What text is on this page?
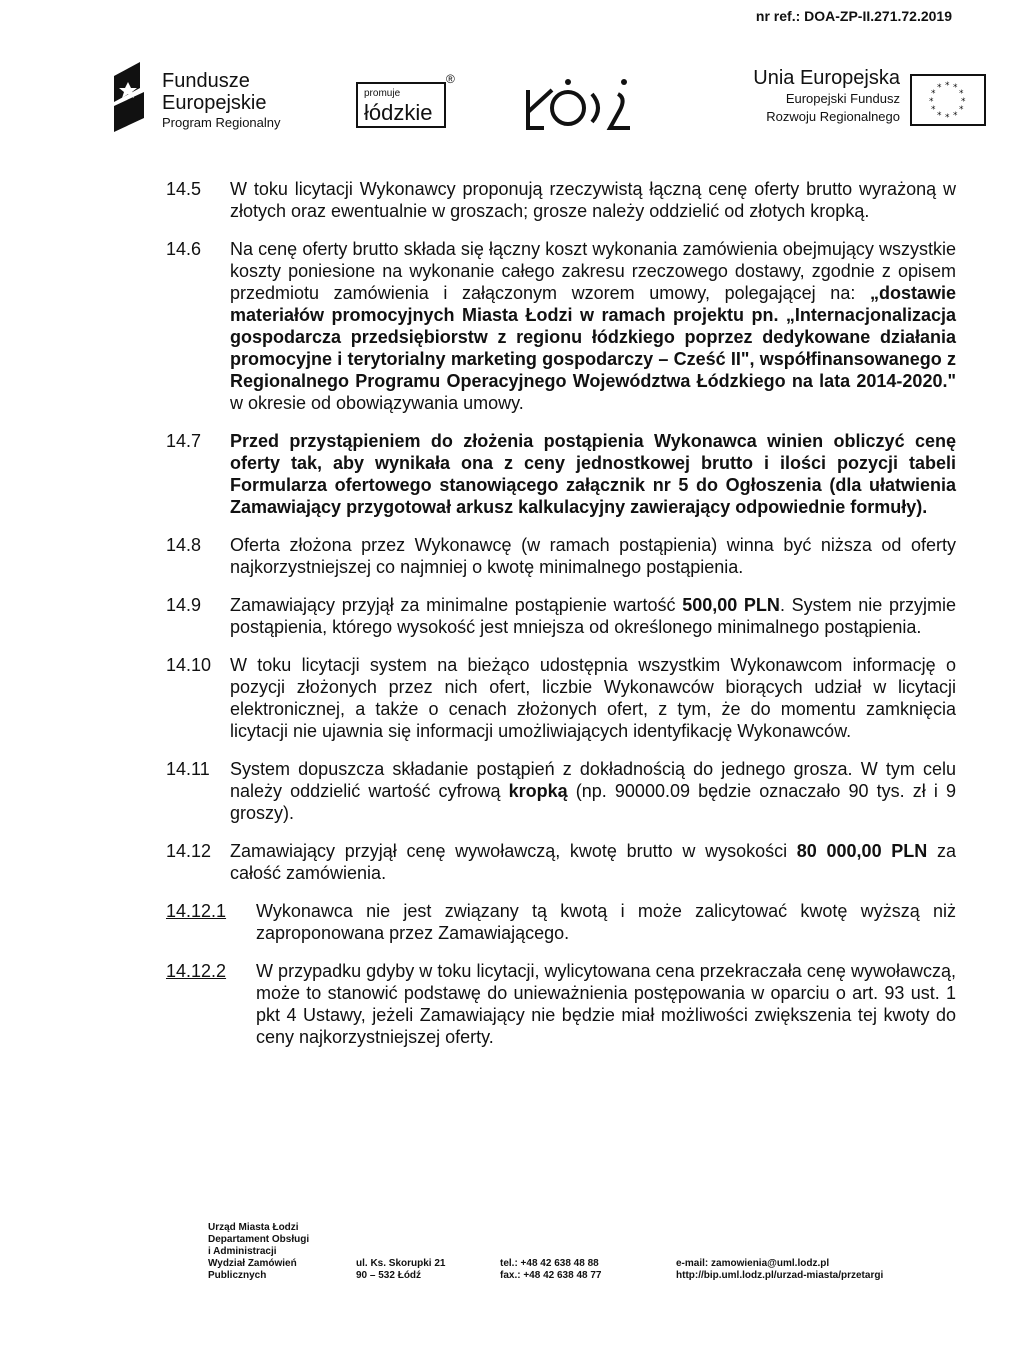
nr ref.: DOA-ZP-II.271.72.2019
Fundusze
Europejskie
Program Regionalny
promuje
łódzkie
®	Unia Europejska
Europejski Fundusz
Rozwoju Regionalnego
* *
*
*
*
*
*
*
*
*
*
*
14.5 W toku licytacji Wykonawcy proponują rzeczywistą łączną cenę oferty brutto wyrażoną w złotych oraz ewentualnie w groszach; grosze należy oddzielić od złotych kropką.
14.6 Na cenę oferty brutto składa się łączny koszt wykonania zamówienia obejmujący wszystkie koszty poniesione na wykonanie całego zakresu rzeczowego dostawy, zgodnie z opisem przedmiotu zamówienia i załączonym wzorem umowy, polegającej na: „dostawie materiałów promocyjnych Miasta Łodzi w ramach projektu pn. „Internacjonalizacja gospodarcza przedsiębiorstw z regionu łódzkiego poprzez dedykowane działania promocyjne i terytorialny marketing gospodarczy – Cześć II", współfinansowanego z Regionalnego Programu Operacyjnego Województwa Łódzkiego na lata 2014-2020." w okresie od obowiązywania umowy.
14.7 Przed przystąpieniem do złożenia postąpienia Wykonawca winien obliczyć cenę oferty tak, aby wynikała ona z ceny jednostkowej brutto i ilości pozycji tabeli Formularza ofertowego stanowiącego załącznik nr 5 do Ogłoszenia (dla ułatwienia Zamawiający przygotował arkusz kalkulacyjny zawierający odpowiednie formuły).
14.8 Oferta złożona przez Wykonawcę (w ramach postąpienia) winna być niższa od oferty najkorzystniejszej co najmniej o kwotę minimalnego postąpienia.
14.9 Zamawiający przyjął za minimalne postąpienie wartość 500,00 PLN. System nie przyjmie postąpienia, którego wysokość jest mniejsza od określonego minimalnego postąpienia.
14.10 W toku licytacji system na bieżąco udostępnia wszystkim Wykonawcom informację o pozycji złożonych przez nich ofert, liczbie Wykonawców biorących udział w licytacji elektronicznej, a także o cenach złożonych ofert, z tym, że do momentu zamknięcia licytacji nie ujawnia się informacji umożliwiających identyfikację Wykonawców.
14.11 System dopuszcza składanie postąpień z dokładnością do jednego grosza. W tym celu należy oddzielić wartość cyfrową kropką (np. 90000.09 będzie oznaczało 90 tys. zł i 9 groszy).
14.12 Zamawiający przyjął cenę wywoławczą, kwotę brutto w wysokości 80 000,00 PLN za całość zamówienia.
14.12.1 Wykonawca nie jest związany tą kwotą i może zalicytować kwotę wyższą niż zaproponowana przez Zamawiającego.
14.12.2 W przypadku gdyby w toku licytacji, wylicytowana cena przekraczała cenę wywoławczą, może to stanowić podstawę do unieważnienia postępowania w oparciu o art. 93 ust. 1 pkt 4 Ustawy, jeżeli Zamawiający nie będzie miał możliwości zwiększenia tej kwoty do ceny najkorzystniejszej oferty.
Urząd Miasta Łodzi
Departament Obsługi
i Administracji
Wydział Zamówień
Publicznych
ul. Ks. Skorupki 21
90 – 532 Łódź
tel.: +48 42 638 48 88
fax.: +48 42 638 48 77
e-mail: zamowienia@uml.lodz.pl
http://bip.uml.lodz.pl/urzad-miasta/przetargi
